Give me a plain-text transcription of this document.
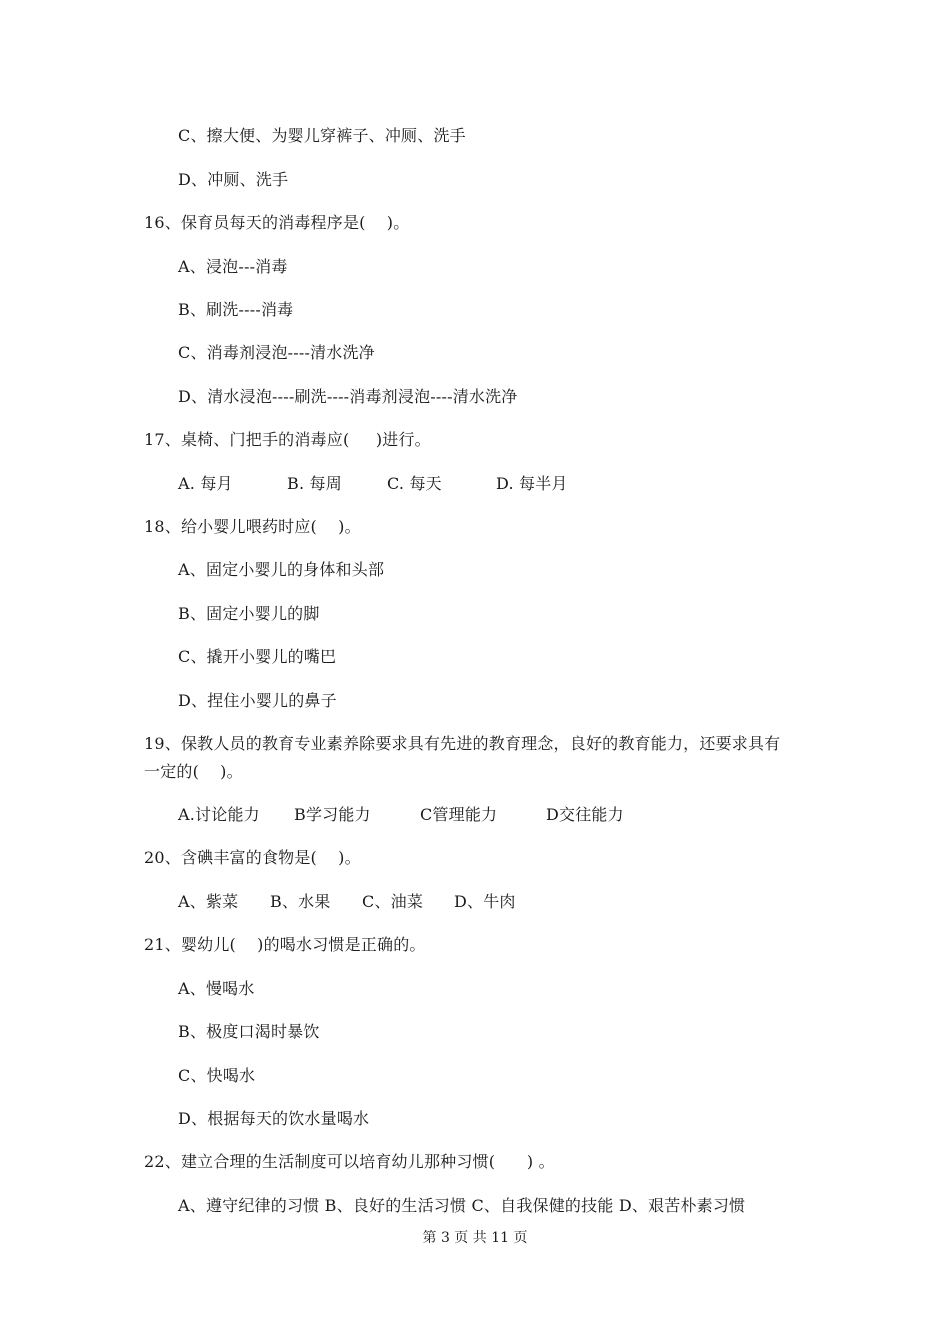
C、擦大便、为婴儿穿裤子、冲厕、洗手
D、冲厕、洗手
16、保育员每天的消毒程序是(    )。
A、浸泡---消毒
B、刷洗----消毒
C、消毒剂浸泡----清水洗净
D、清水浸泡----刷洗----消毒剂浸泡----清水洗净
17、桌椅、门把手的消毒应(     )进行。
A. 每月	B. 每周	C. 每天	D. 每半月
18、给小婴儿喂药时应(    )。
A、固定小婴儿的身体和头部
B、固定小婴儿的脚
C、撬开小婴儿的嘴巴
D、捏住小婴儿的鼻子
19、保教人员的教育专业素养除要求具有先进的教育理念，良好的教育能力，还要求具有
一定的(    )。
A.讨论能力 B学习能力	C管理能力	D交往能力
20、含碘丰富的食物是(    )。
A、紫菜 B、水果 C、油菜 D、牛肉
21、婴幼儿(    )的喝水习惯是正确的。
A、慢喝水
B、极度口渴时暴饮
C、快喝水
D、根据每天的饮水量喝水
22、建立合理的生活制度可以培育幼儿那种习惯(      ) 。
A、遵守纪律的习惯 B、良好的生活习惯 C、自我保健的技能 D、艰苦朴素习惯
第 3 页 共 11 页
